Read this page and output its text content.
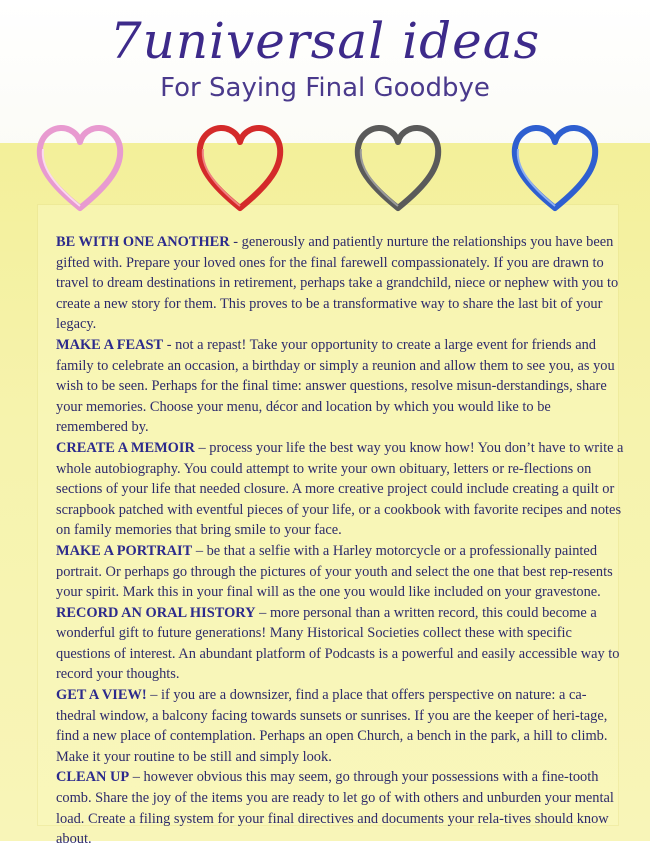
7universal ideas
For Saying Final Goodbye

BE WITH ONE ANOTHER - generously and patiently nurture the relationships you have been gifted with. Prepare your loved ones for the final farewell compassionately. If you are drawn to travel to dream destinations in retirement, perhaps take a grandchild, niece or nephew with you to create a new story for them. This proves to be a transformative way to share the last bit of your legacy.

MAKE A FEAST - not a repast! Take your opportunity to create a large event for friends and family to celebrate an occasion, a birthday or simply a reunion and allow them to see you, as you wish to be seen. Perhaps for the final time: answer questions, resolve misun-derstandings, share your memories. Choose your menu, décor and location by which you would like to be remembered by.

CREATE A MEMOIR – process your life the best way you know how! You don’t have to write a whole autobiography. You could attempt to write your own obituary, letters or re-flections on sections of your life that needed closure. A more creative project could include creating a quilt or scrapbook patched with eventful pieces of your life, or a cookbook with favorite recipes and notes on family memories that bring smile to your face.

MAKE A PORTRAIT – be that a selfie with a Harley motorcycle or a professionally painted portrait. Or perhaps go through the pictures of your youth and select the one that best rep-resents your spirit. Mark this in your final will as the one you would like included on your gravestone.

RECORD AN ORAL HISTORY – more personal than a written record, this could become a wonderful gift to future generations! Many Historical Societies collect these with specific questions of interest. An abundant platform of Podcasts is a powerful and easily accessible way to record your thoughts.

GET A VIEW! – if you are a downsizer, find a place that offers perspective on nature: a ca-thedral window, a balcony facing towards sunsets or sunrises. If you are the keeper of heri-tage, find a new place of contemplation. Perhaps an open Church, a bench in the park, a hill to climb. Make it your routine to be still and simply look.

CLEAN UP – however obvious this may seem, go through your possessions with a fine-tooth comb. Share the joy of the items you are ready to let go of with others and unburden your mental load. Create a filing system for your final directives and documents your rela-tives should know about.
